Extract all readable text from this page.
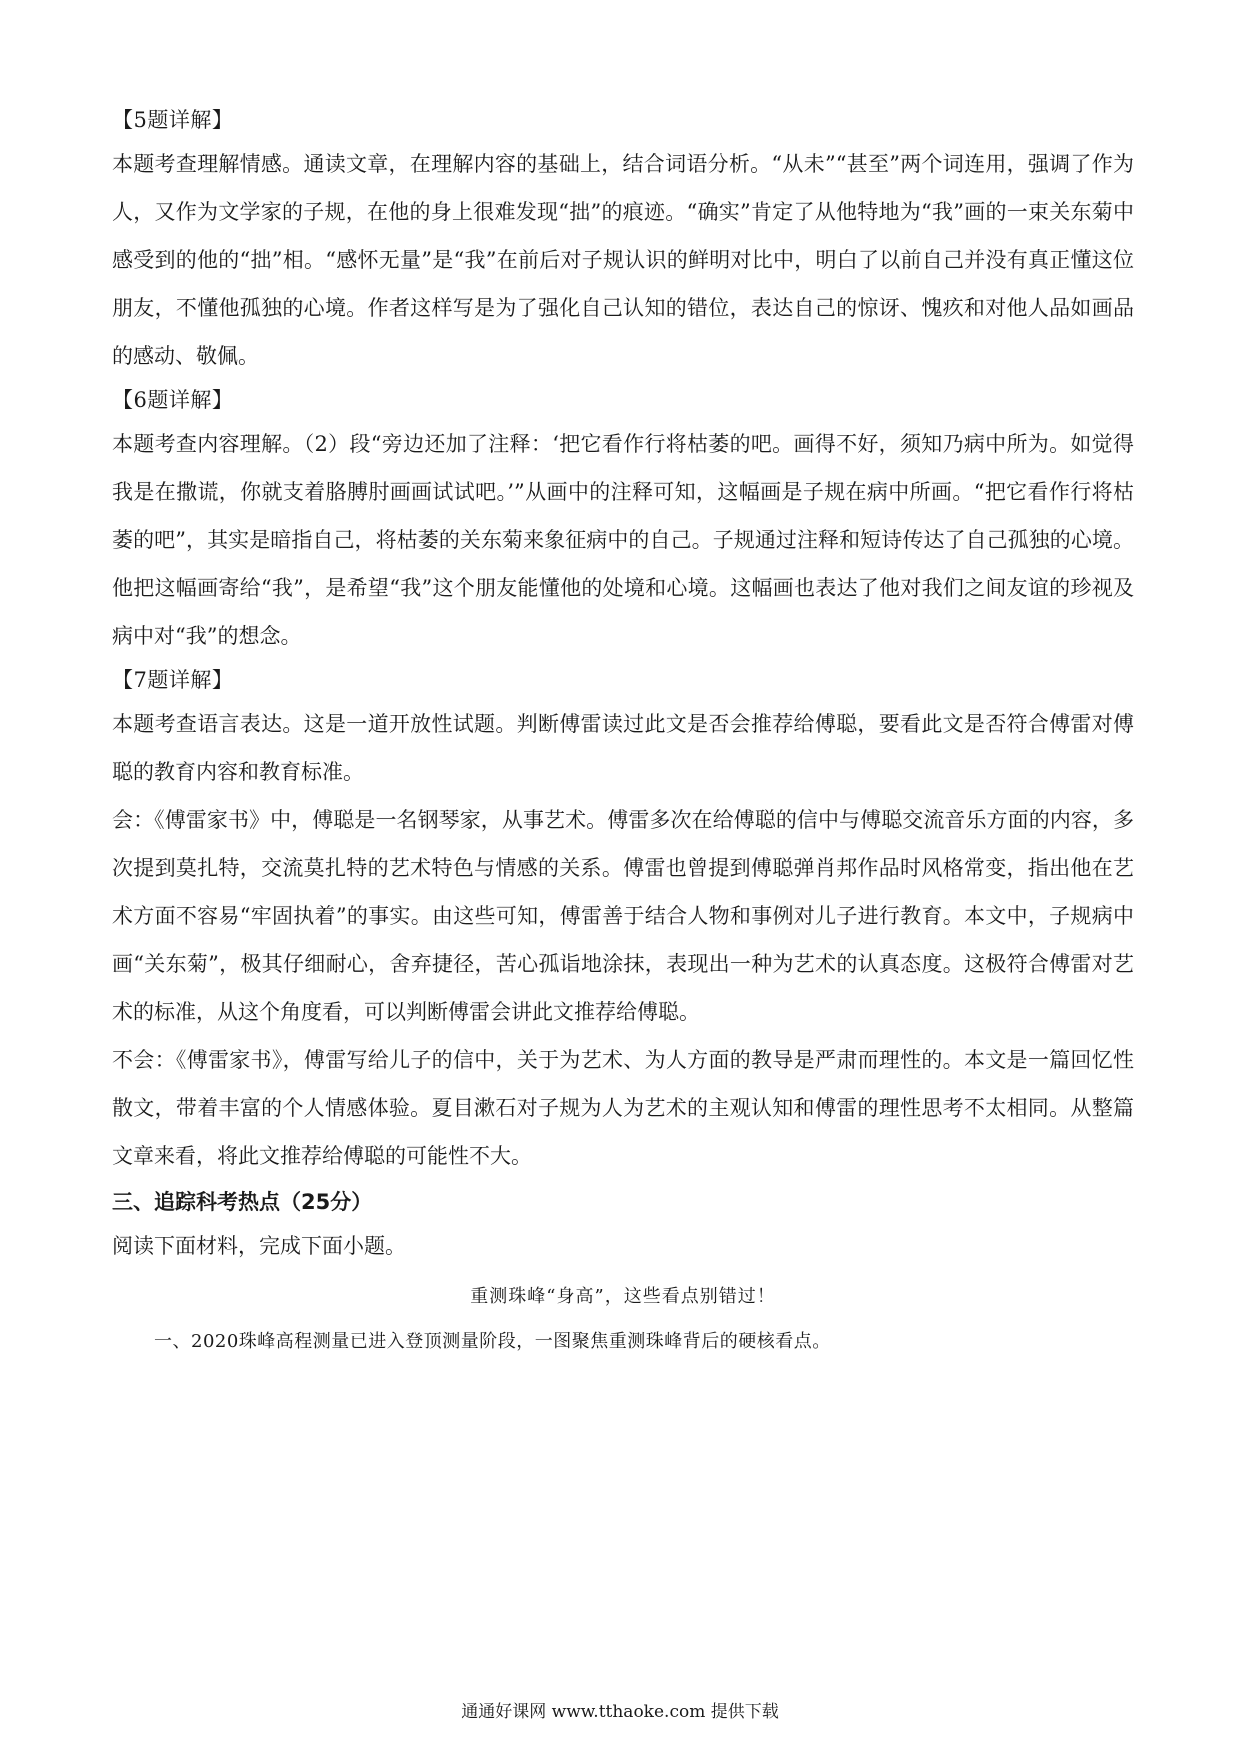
【5题详解】

本题考查理解情感。通读文章，在理解内容的基础上，结合词语分析。“从未”“甚至”两个词连用，强调了作为人，又作为文学家的子规，在他的身上很难发现“拙”的痕迹。“确实”肯定了从他特地为“我”画的一束关东菊中感受到的他的“拙”相。“感怀无量”是“我”在前后对子规认识的鲜明对比中，明白了以前自己并没有真正懂这位朋友，不懂他孤独的心境。作者这样写是为了强化自己认知的错位，表达自己的惊讶、愧疚和对他人品如画品的感动、敬佩。

【6题详解】

本题考查内容理解。（2）段“旁边还加了注释：‘把它看作行将枯萎的吧。画得不好，须知乃病中所为。如觉得我是在撒谎，你就支着胳膊肘画画试试吧。’”从画中的注释可知，这幅画是子规在病中所画。“把它看作行将枯萎的吧”，其实是暗指自己，将枯萎的关东菊来象征病中的自己。子规通过注释和短诗传达了自己孤独的心境。他把这幅画寄给“我”，是希望“我”这个朋友能懂他的处境和心境。这幅画也表达了他对我们之间友谊的珍视及病中对“我”的想念。

【7题详解】

本题考查语言表达。这是一道开放性试题。判断傅雷读过此文是否会推荐给傅聪，要看此文是否符合傅雷对傅聪的教育内容和教育标准。

会：《傅雷家书》中，傅聪是一名钢琴家，从事艺术。傅雷多次在给傅聪的信中与傅聪交流音乐方面的内容，多次提到莫扎特，交流莫扎特的艺术特色与情感的关系。傅雷也曾提到傅聪弹肖邦作品时风格常变，指出他在艺术方面不容易“牢固执着”的事实。由这些可知，傅雷善于结合人物和事例对儿子进行教育。本文中，子规病中画“关东菊”，极其仔细耐心，舍弃捷径，苦心孤诣地涂抹，表现出一种为艺术的认真态度。这极符合傅雷对艺术的标准，从这个角度看，可以判断傅雷会讲此文推荐给傅聪。

不会：《傅雷家书》，傅雷写给儿子的信中，关于为艺术、为人方面的教导是严肃而理性的。本文是一篇回忆性散文，带着丰富的个人情感体验。夏目漱石对子规为人为艺术的主观认知和傅雷的理性思考不太相同。从整篇文章来看，将此文推荐给傅聪的可能性不大。

三、追踪科考热点（25分）

阅读下面材料，完成下面小题。

重测珠峰“身高”，这些看点别错过！

一、2020珠峰高程测量已进入登顶测量阶段，一图聚焦重测珠峰背后的硬核看点。

通通好课网 www.tthaoke.com 提供下载
